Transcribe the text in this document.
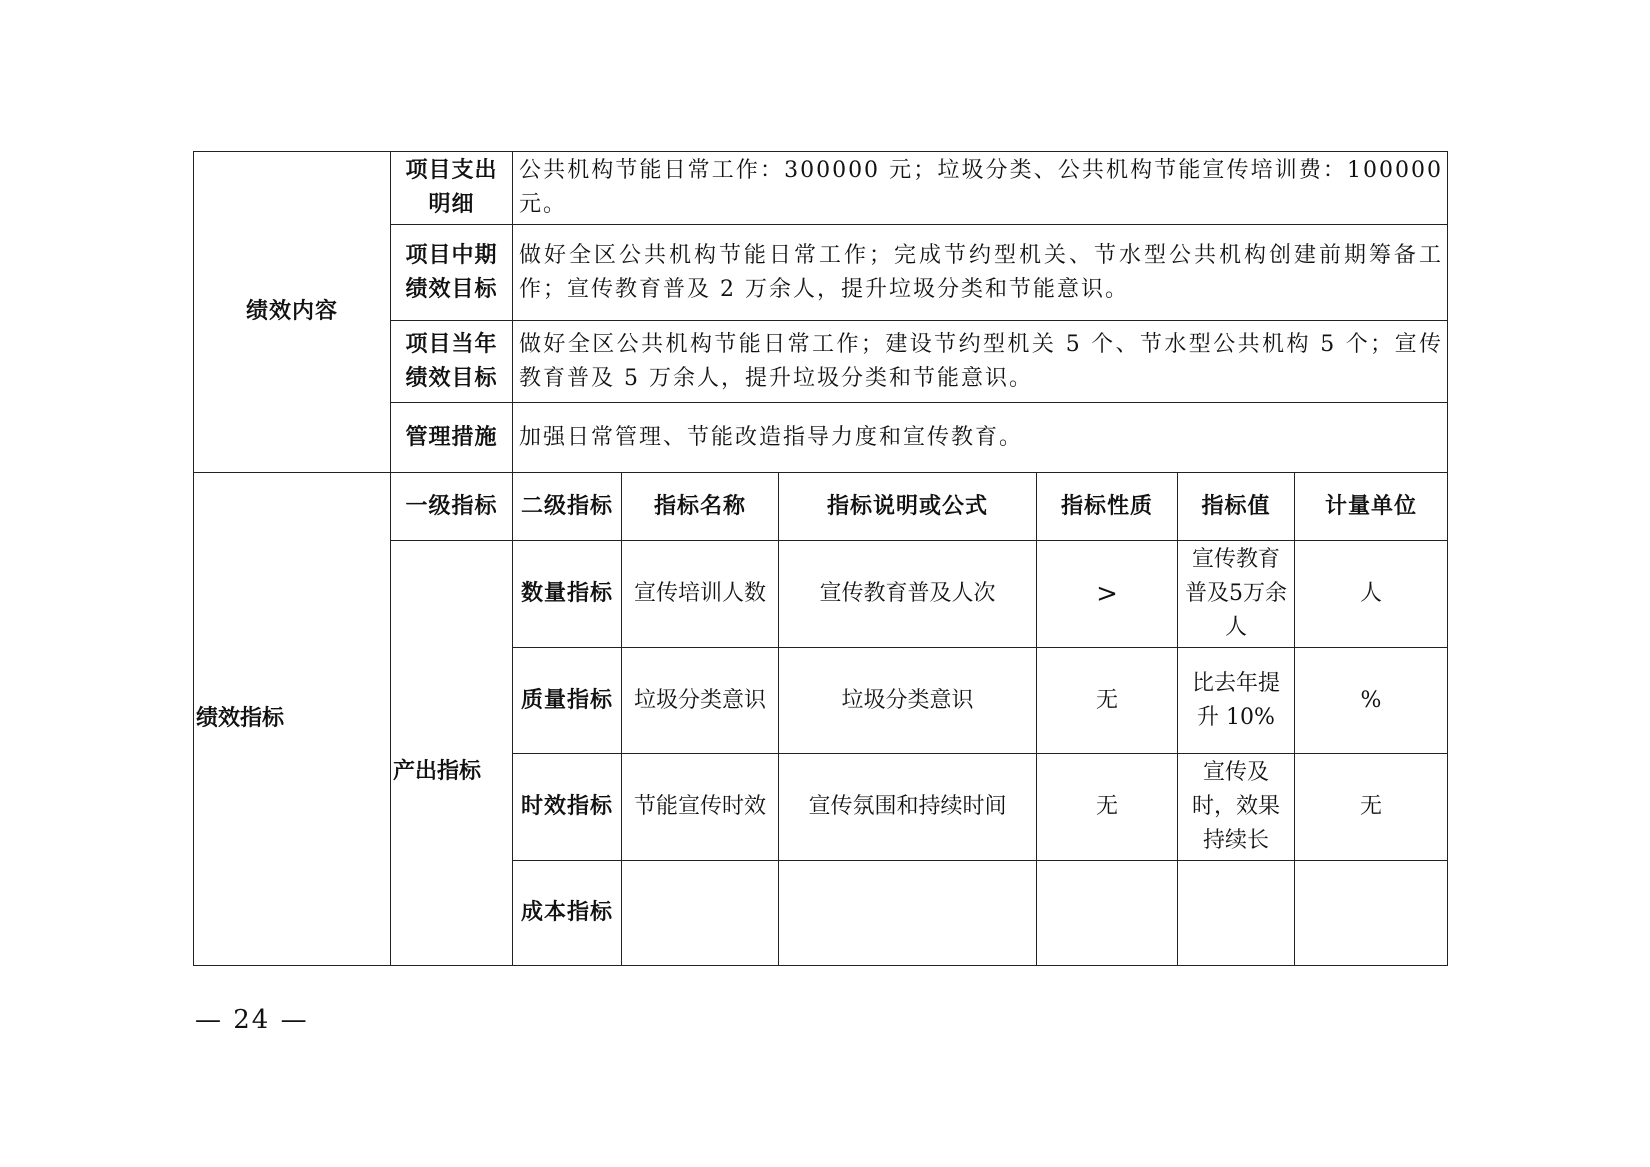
绩效内容	项目支出明细	公共机构节能日常工作：300000 元；垃圾分类、公共机构节能宣传培训费：100000 元。					
	项目中期绩效目标	做好全区公共机构节能日常工作；完成节约型机关、节水型公共机构创建前期筹备工作；宣传教育普及 2 万余人，提升垃圾分类和节能意识。					
	项目当年绩效目标	做好全区公共机构节能日常工作；建设节约型机关 5 个、节水型公共机构 5 个；宣传教育普及 5 万余人，提升垃圾分类和节能意识。					
	管理措施	加强日常管理、节能改造指导力度和宣传教育。					
绩效指标	一级指标	二级指标	指标名称	指标说明或公式	指标性质	指标值	计量单位
	产出指标	数量指标	宣传培训人数	宣传教育普及人次	>	宣传教育普及5万余人	人
		质量指标	垃圾分类意识	垃圾分类意识	无	比去年提升 10%	%
		时效指标	节能宣传时效	宣传氛围和持续时间	无	宣传及时，效果持续长	无
		成本指标					
— 24 —
